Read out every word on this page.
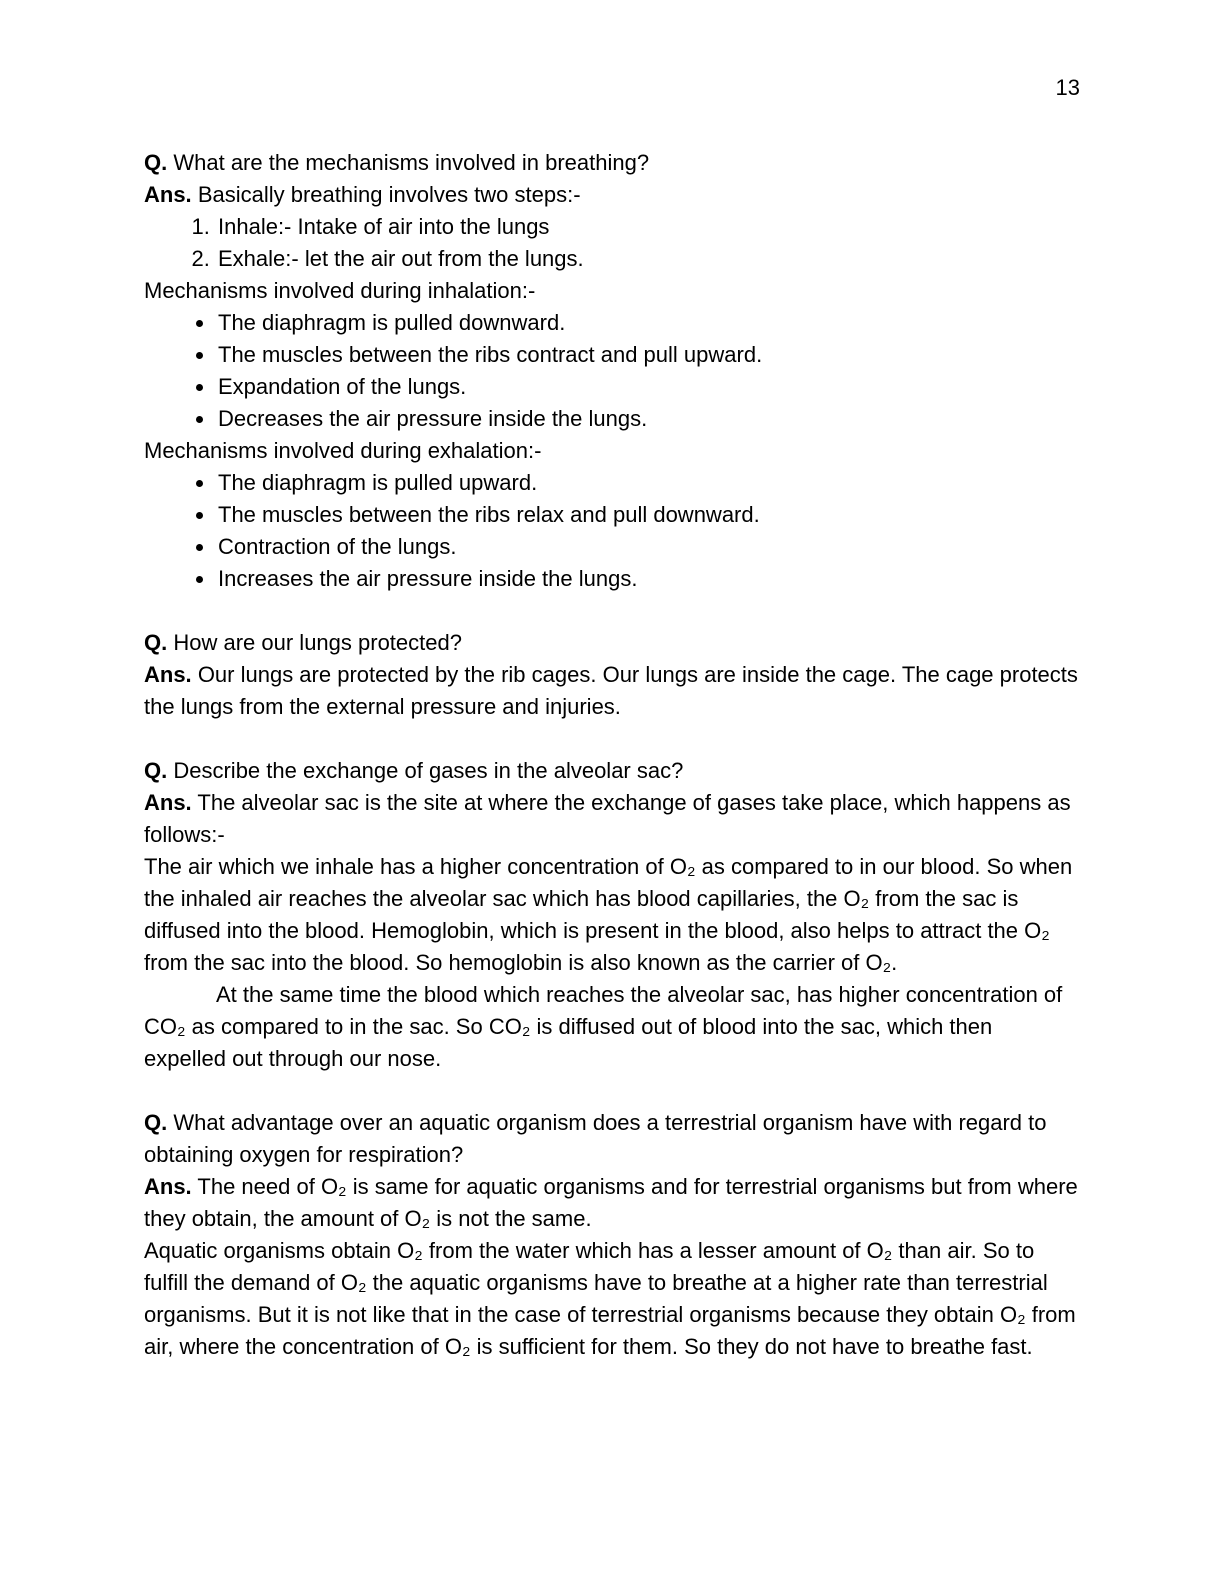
13

Q. What are the mechanisms involved in breathing?

Ans. Basically breathing involves two steps:-

1. Inhale:- Intake of air into the lungs
2. Exhale:- let the air out from the lungs.

Mechanisms involved during inhalation:-

• The diaphragm is pulled downward.
• The muscles between the ribs contract and pull upward.
• Expandation of the lungs.
• Decreases the air pressure inside the lungs.

Mechanisms involved during exhalation:-

• The diaphragm is pulled upward.
• The muscles between the ribs relax and pull downward.
• Contraction of the lungs.
• Increases the air pressure inside the lungs.

Q. How are our lungs protected?

Ans. Our lungs are protected by the rib cages. Our lungs are inside the cage. The cage protects the lungs from the external pressure and injuries.

Q. Describe the exchange of gases in the alveolar sac?

Ans. The alveolar sac is the site at where the exchange of gases take place, which happens as follows:-

The air which we inhale has a higher concentration of O₂ as compared to in our blood. So when the inhaled air reaches the alveolar sac which has blood capillaries, the O₂ from the sac is diffused into the blood. Hemoglobin, which is present in the blood, also helps to attract the O₂ from the sac into the blood. So hemoglobin is also known as the carrier of O₂.

At the same time the blood which reaches the alveolar sac, has higher concentration of CO₂ as compared to in the sac. So CO₂ is diffused out of blood into the sac, which then expelled out through our nose.

Q. What advantage over an aquatic organism does a terrestrial organism have with regard to obtaining oxygen for respiration?

Ans. The need of O₂ is same for aquatic organisms and for terrestrial organisms but from where they obtain, the amount of O₂ is not the same.

Aquatic organisms obtain O₂ from the water which has a lesser amount of O₂ than air. So to fulfill the demand of O₂ the aquatic organisms have to breathe at a higher rate than terrestrial organisms. But it is not like that in the case of terrestrial organisms because they obtain O₂ from air, where the concentration of O₂ is sufficient for them. So they do not have to breathe fast.
